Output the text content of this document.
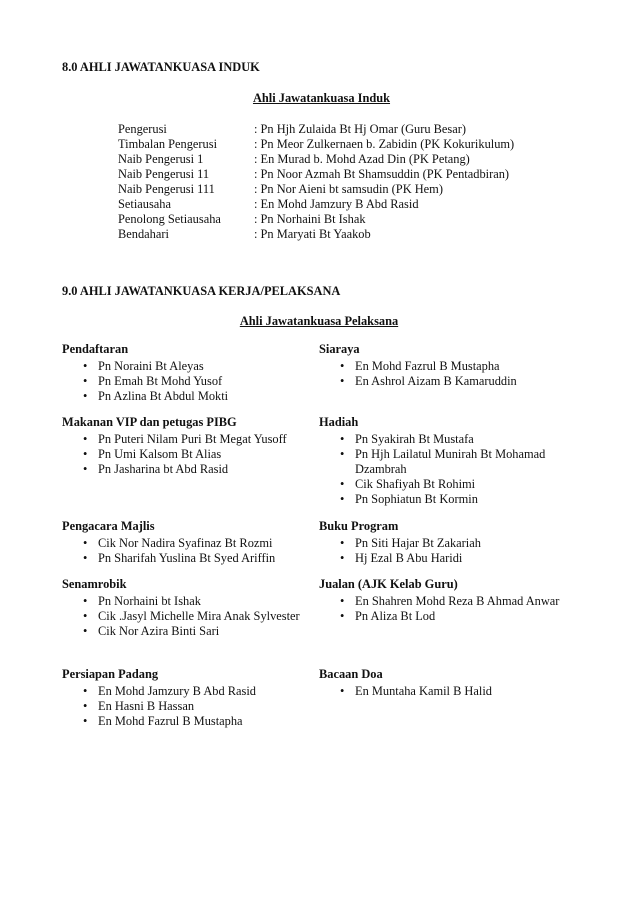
8.0 AHLI JAWATANKUASA INDUK
Ahli Jawatankuasa Induk
Pengerusi	: Pn Hjh Zulaida Bt Hj Omar (Guru Besar)
Timbalan Pengerusi	: Pn Meor Zulkernaen b. Zabidin (PK Kokurikulum)
Naib Pengerusi 1	: En Murad b. Mohd Azad Din (PK Petang)
Naib Pengerusi 11	: Pn Noor Azmah Bt Shamsuddin (PK Pentadbiran)
Naib Pengerusi 111	: Pn Nor Aieni bt samsudin (PK Hem)
Setiausaha	: En Mohd Jamzury B Abd Rasid
Penolong Setiausaha	: Pn Norhaini Bt Ishak
Bendahari	: Pn Maryati Bt Yaakob
9.0 AHLI JAWATANKUASA KERJA/PELAKSANA
Ahli Jawatankuasa Pelaksana
Pendaftaran
• Pn Noraini Bt Aleyas
• Pn Emah Bt Mohd Yusof
• Pn Azlina Bt Abdul Mokti
Siaraya
• En Mohd Fazrul B Mustapha
• En Ashrol Aizam B Kamaruddin
Makanan VIP dan petugas PIBG
• Pn Puteri Nilam Puri Bt Megat Yusoff
• Pn Umi Kalsom Bt Alias
• Pn Jasharina bt Abd Rasid
Hadiah
• Pn Syakirah Bt Mustafa
• Pn Hjh Lailatul Munirah Bt Mohamad Dzambrah
• Cik Shafiyah Bt Rohimi
• Pn Sophiatun Bt Kormin
Pengacara Majlis
• Cik Nor Nadira Syafinaz Bt Rozmi
• Pn Sharifah Yuslina Bt Syed Ariffin
Buku Program
• Pn Siti Hajar Bt Zakariah
• Hj Ezal B Abu Haridi
Senamrobik
• Pn Norhaini bt Ishak
• Cik .Jasyl Michelle Mira Anak Sylvester
• Cik Nor Azira Binti Sari
Jualan (AJK Kelab Guru)
• En Shahren Mohd Reza B Ahmad Anwar
• Pn Aliza Bt Lod
Persiapan Padang
• En Mohd Jamzury B Abd Rasid
• En Hasni B Hassan
• En Mohd Fazrul B Mustapha
Bacaan Doa
• En Muntaha Kamil B Halid
